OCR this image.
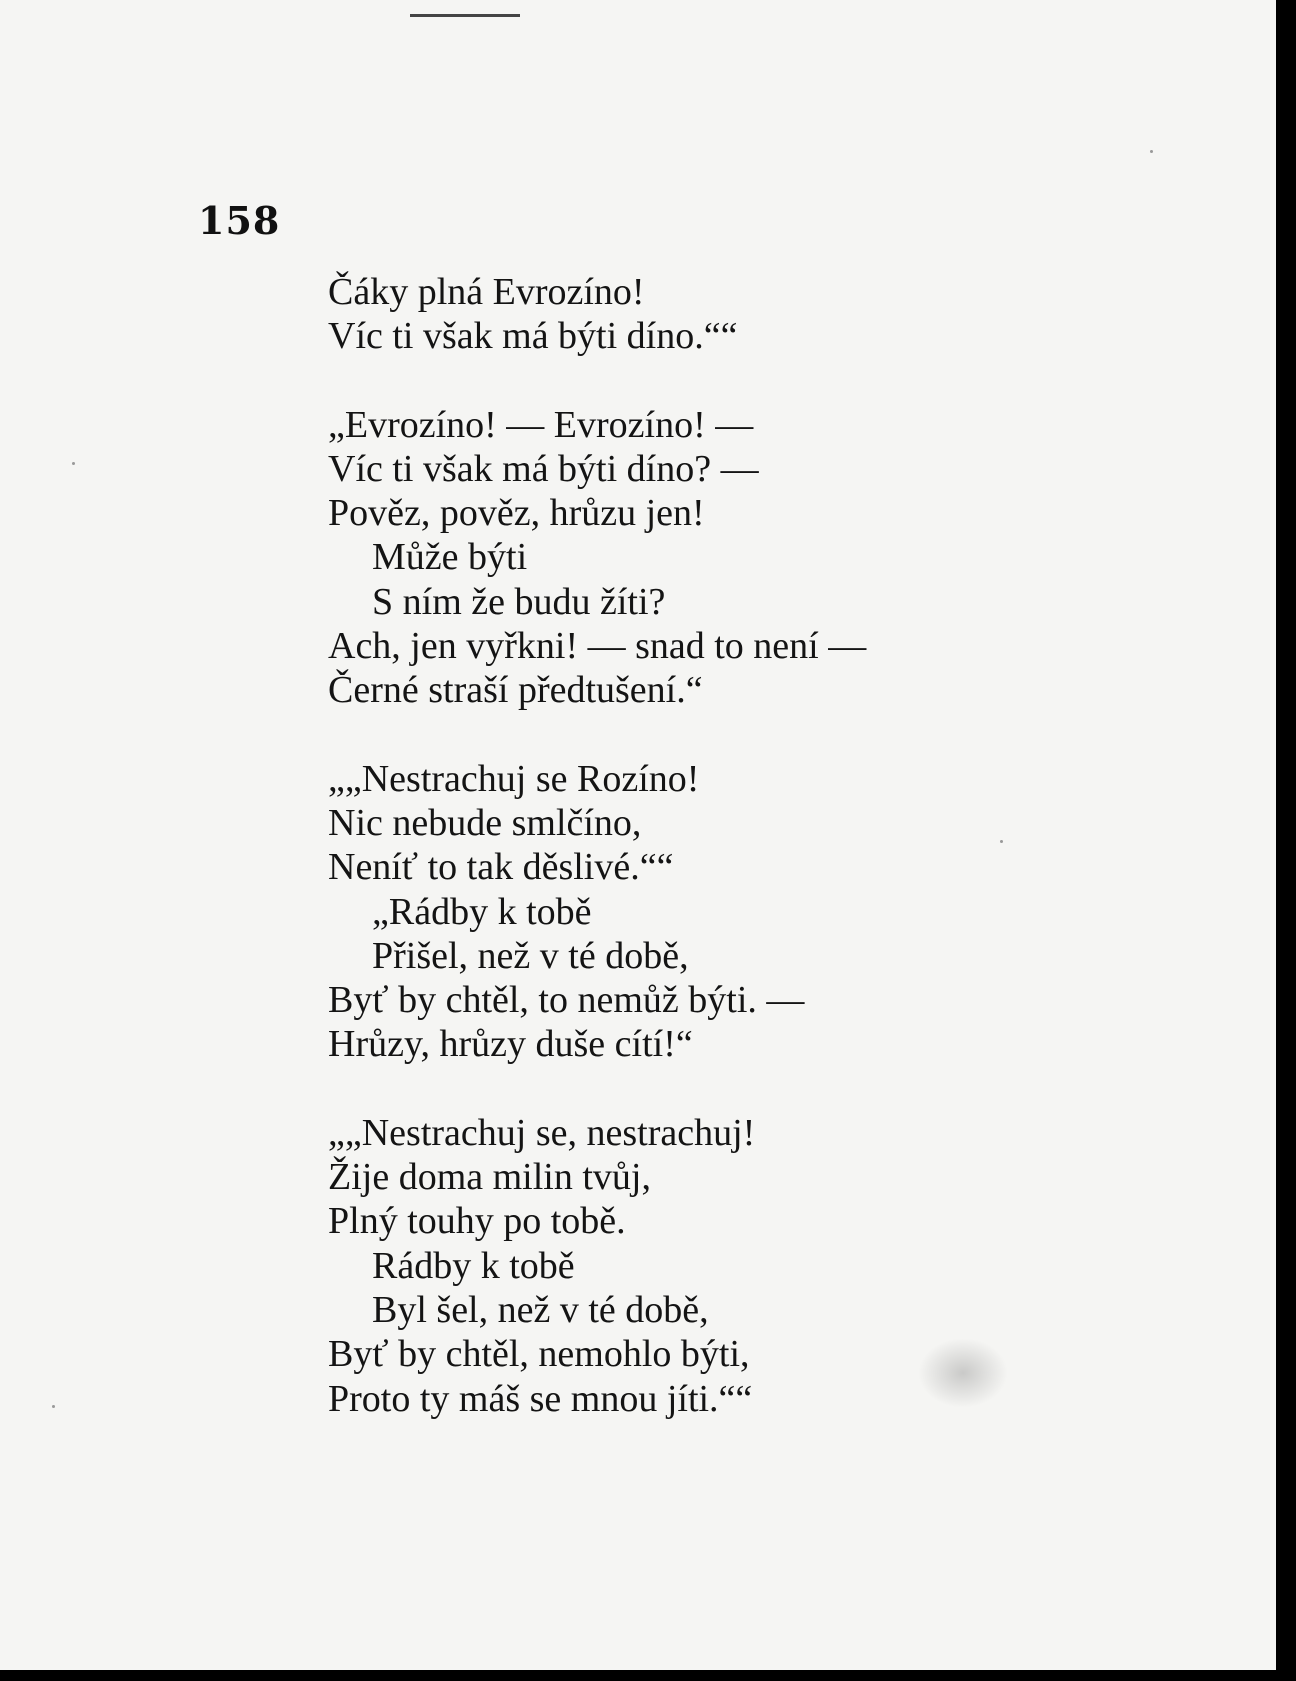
158
Čáky plná Evrozíno!
Víc ti však má býti díno.““
„Evrozíno! — Evrozíno! —
Víc ti však má býti díno? —
Pověz, pověz, hrůzu jen!
Může býti
S ním že budu žíti?
Ach, jen vyřkni! — snad to není —
Černé straší předtušení.“
„„Nestrachuj se Rozíno!
Nic nebude smlčíno,
Neníť to tak děslivé.““
„Rádby k tobě
Přišel, než v té době,
Byť by chtěl, to nemůž býti. —
Hrůzy, hrůzy duše cítí!“
„„Nestrachuj se, nestrachuj!
Žije doma milin tvůj,
Plný touhy po tobě.
Rádby k tobě
Byl šel, než v té době,
Byť by chtěl, nemohlo býti,
Proto ty máš se mnou jíti.““
